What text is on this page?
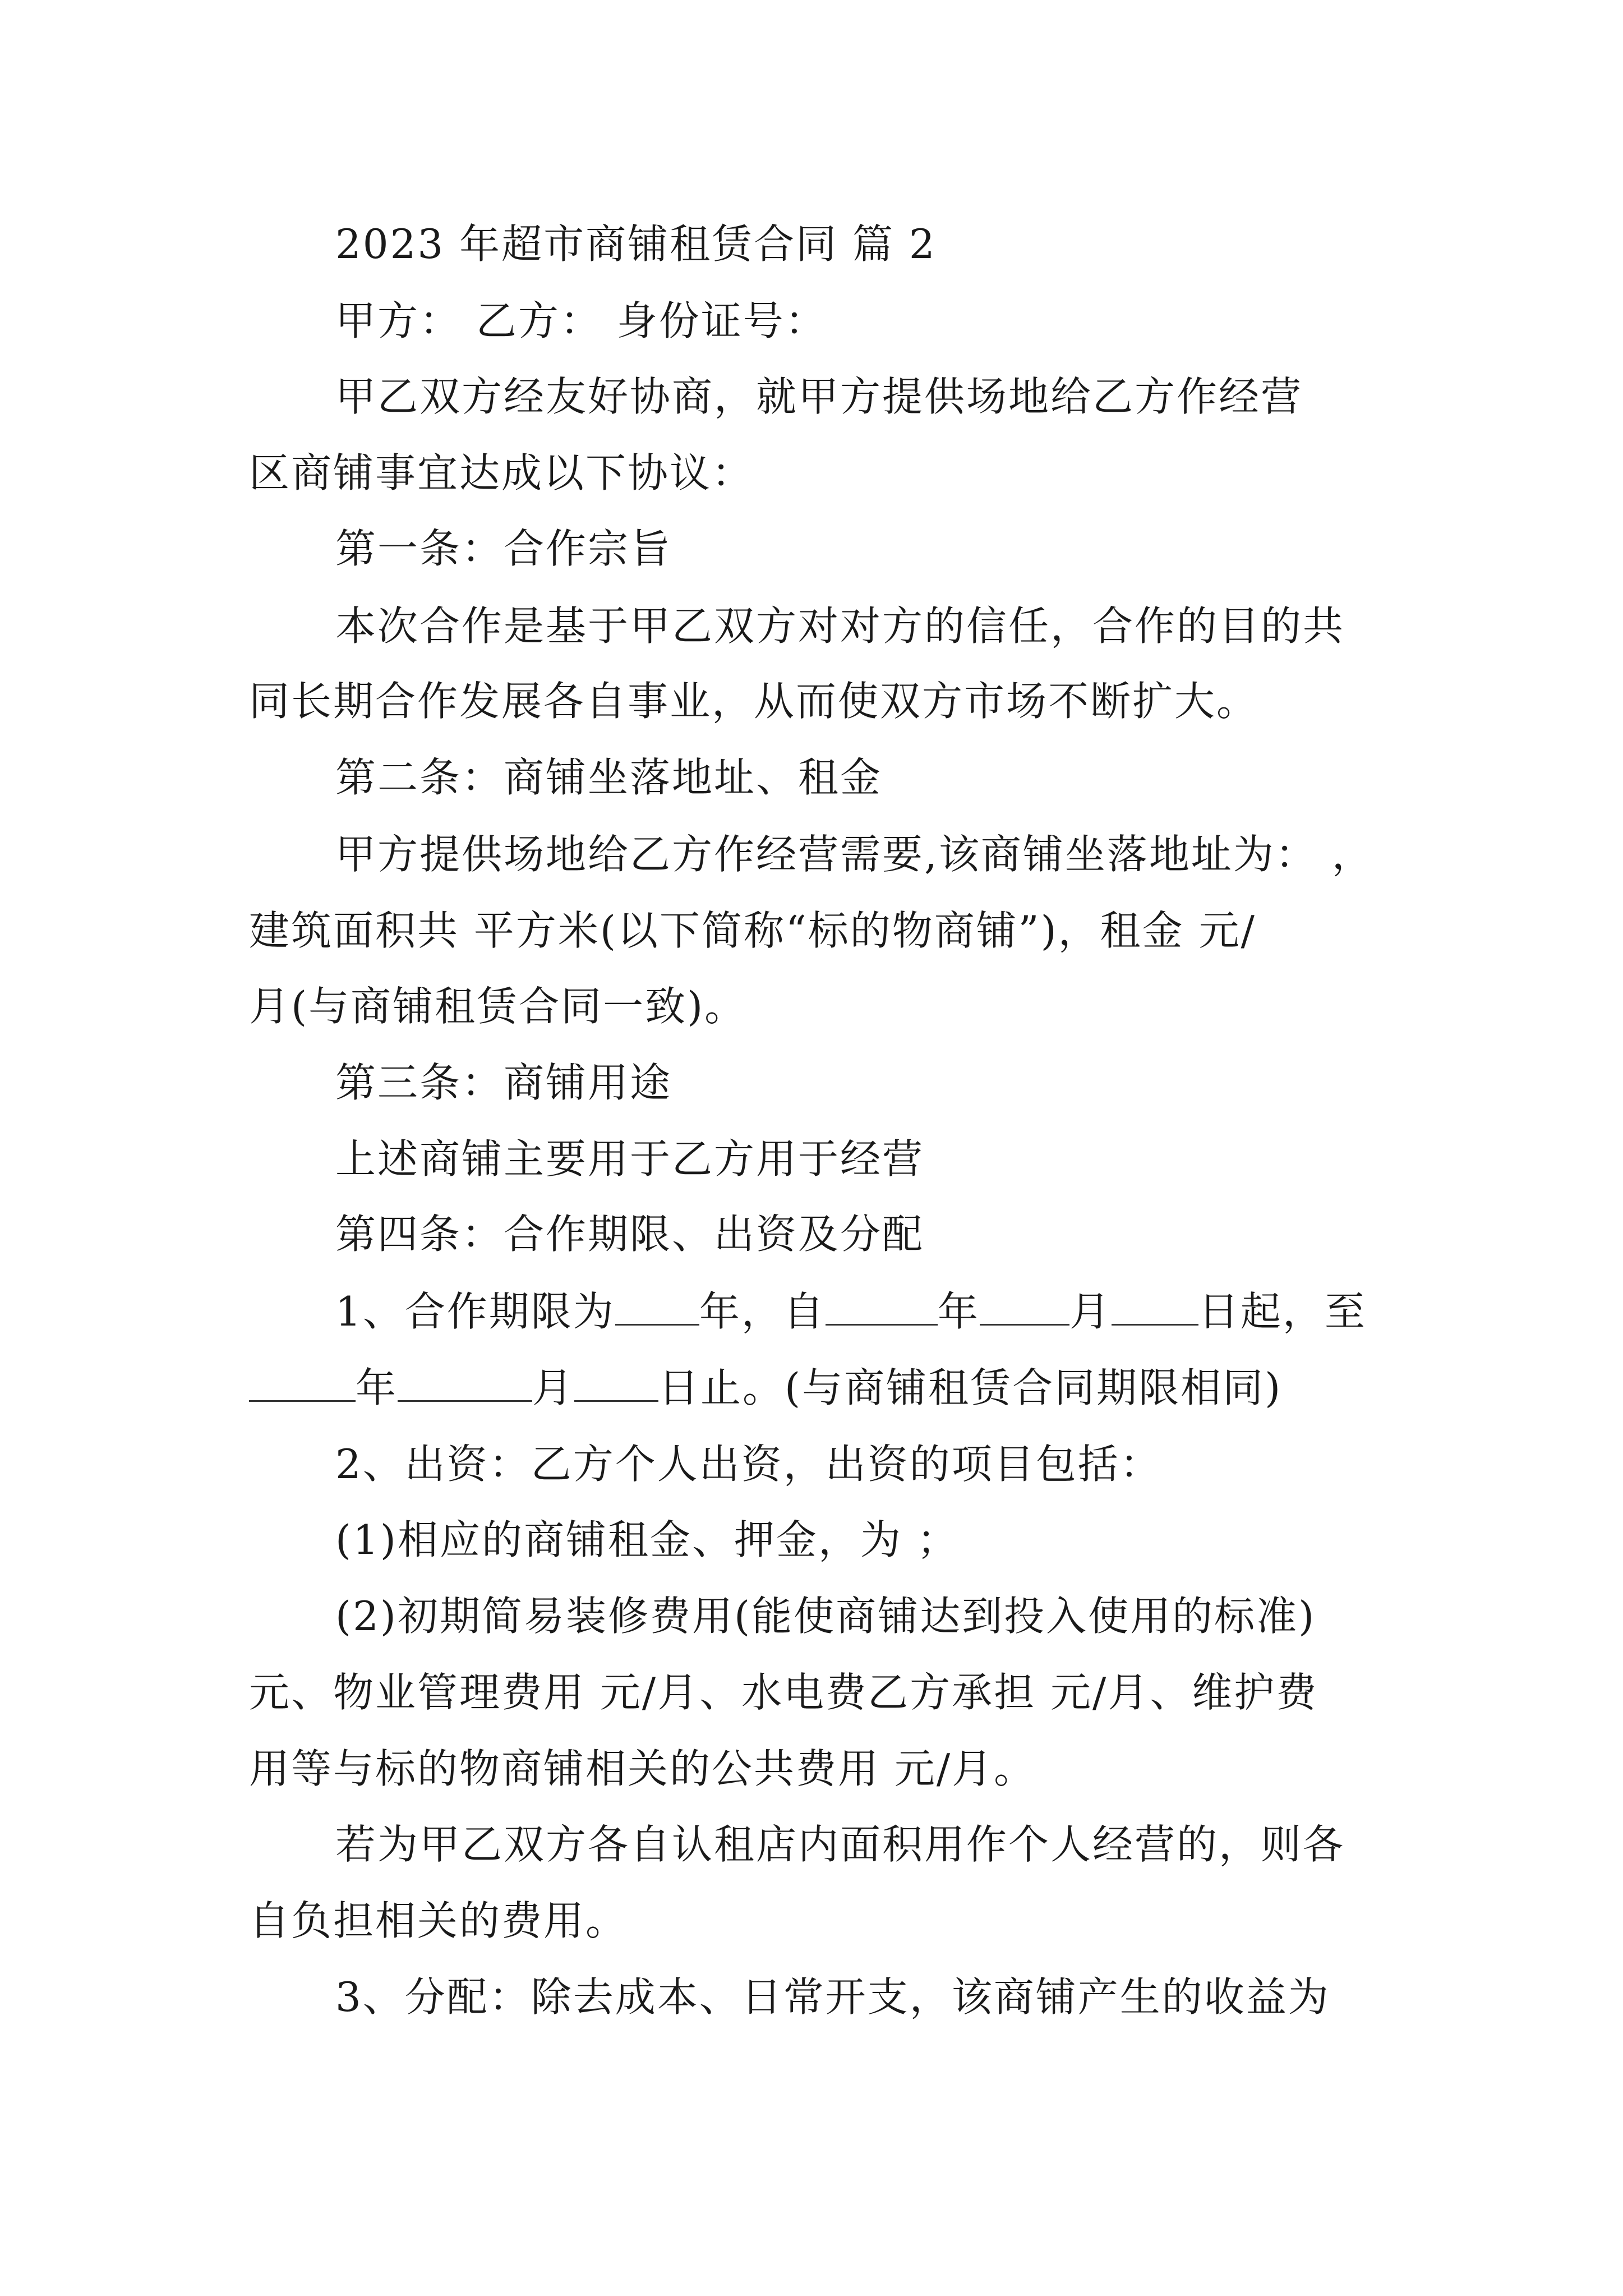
2023 年超市商铺租赁合同 篇 2
甲方： 乙方： 身份证号：
甲乙双方经友好协商，就甲方提供场地给乙方作经营
区商铺事宜达成以下协议：
第一条：合作宗旨
本次合作是基于甲乙双方对对方的信任，合作的目的共
同长期合作发展各自事业，从而使双方市场不断扩大。
第二条：商铺坐落地址、租金
甲方提供场地给乙方作经营需要,该商铺坐落地址为： ，
建筑面积共 平方米(以下简称“标的物商铺”)，租金 元/
月(与商铺租赁合同一致)。
第三条：商铺用途
上述商铺主要用于乙方用于经营
第四条：合作期限、出资及分配
1、合作期限为 年，自	年 月 日起，至
年	月 日止。(与商铺租赁合同期限相同)
2、出资：乙方个人出资，出资的项目包括：
(1)相应的商铺租金、押金，为 ；
(2)初期简易装修费用(能使商铺达到投入使用的标准)
元、物业管理费用 元/月、水电费乙方承担 元/月、维护费
用等与标的物商铺相关的公共费用 元/月。
若为甲乙双方各自认租店内面积用作个人经营的，则各
自负担相关的费用。
3、分配：除去成本、日常开支，该商铺产生的收益为
